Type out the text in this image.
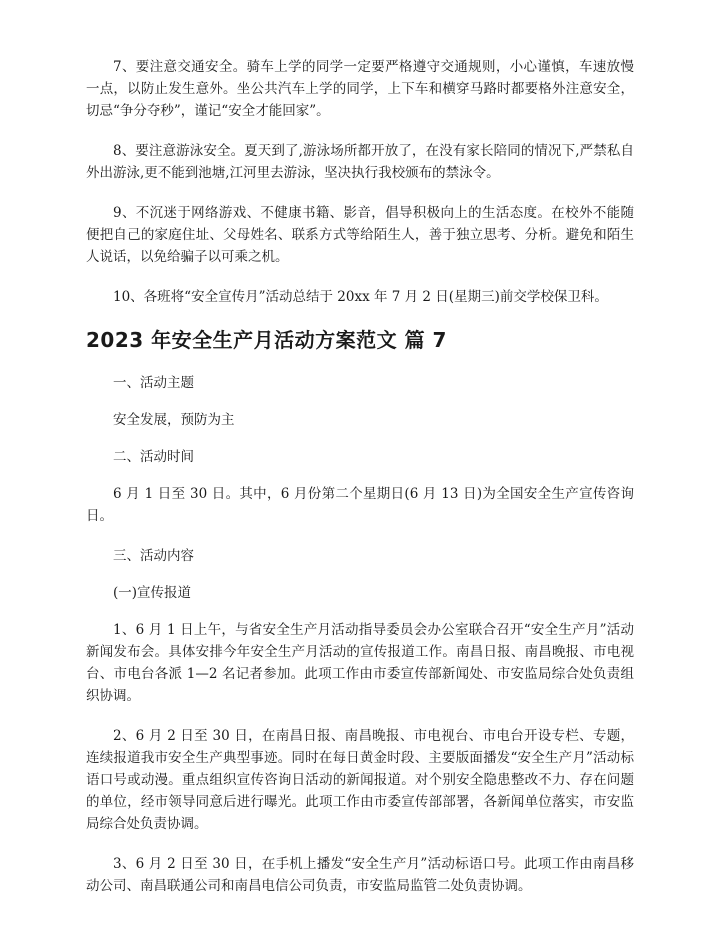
7、要注意交通安全。骑车上学的同学一定要严格遵守交通规则，小心谨慎，车速放慢一点，以防止发生意外。坐公共汽车上学的同学，上下车和横穿马路时都要格外注意安全，切忌“争分夺秒”，谨记“安全才能回家”。

8、要注意游泳安全。夏天到了,游泳场所都开放了，在没有家长陪同的情况下,严禁私自外出游泳,更不能到池塘,江河里去游泳，坚决执行我校颁布的禁泳令。

9、不沉迷于网络游戏、不健康书籍、影音，倡导积极向上的生活态度。在校外不能随便把自己的家庭住址、父母姓名、联系方式等给陌生人，善于独立思考、分析。避免和陌生人说话，以免给骗子以可乘之机。

10、各班将“安全宣传月”活动总结于 20xx 年 7 月 2 日(星期三)前交学校保卫科。

2023 年安全生产月活动方案范文 篇 7

一、活动主题

安全发展，预防为主

二、活动时间

6 月 1 日至 30 日。其中，6 月份第二个星期日(6 月 13 日)为全国安全生产宣传咨询日。

三、活动内容

(一)宣传报道

1、6 月 1 日上午，与省安全生产月活动指导委员会办公室联合召开“安全生产月”活动新闻发布会。具体安排今年安全生产月活动的宣传报道工作。南昌日报、南昌晚报、市电视台、市电台各派 1—2 名记者参加。此项工作由市委宣传部新闻处、市安监局综合处负责组织协调。

2、6 月 2 日至 30 日，在南昌日报、南昌晚报、市电视台、市电台开设专栏、专题，连续报道我市安全生产典型事迹。同时在每日黄金时段、主要版面播发“安全生产月”活动标语口号或动漫。重点组织宣传咨询日活动的新闻报道。对个别安全隐患整改不力、存在问题的单位，经市领导同意后进行曝光。此项工作由市委宣传部部署，各新闻单位落实，市安监局综合处负责协调。

3、6 月 2 日至 30 日，在手机上播发“安全生产月”活动标语口号。此项工作由南昌移动公司、南昌联通公司和南昌电信公司负责，市安监局监管二处负责协调。
